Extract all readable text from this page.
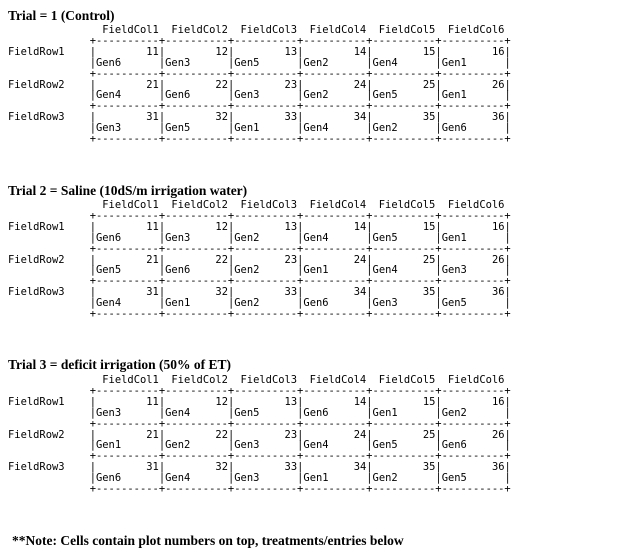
Trial = 1 (Control)
FieldCol1  FieldCol2  FieldCol3  FieldCol4  FieldCol5  FieldCol6
+----------+----------+----------+----------+----------+----------+
FieldRow1    |        11|        12|        13|        14|        15|        16|
|Gen6      |Gen3      |Gen5      |Gen2      |Gen4      |Gen1      |
+----------+----------+----------+----------+----------+----------+
FieldRow2    |        21|        22|        23|        24|        25|        26|
|Gen4      |Gen6      |Gen3      |Gen2      |Gen5      |Gen1      |
+----------+----------+----------+----------+----------+----------+
FieldRow3    |        31|        32|        33|        34|        35|        36|
|Gen3      |Gen5      |Gen1      |Gen4      |Gen2      |Gen6      |
+----------+----------+----------+----------+----------+----------+
Trial 2 = Saline (10dS/m irrigation water)
FieldCol1  FieldCol2  FieldCol3  FieldCol4  FieldCol5  FieldCol6
+----------+----------+----------+----------+----------+----------+
FieldRow1    |        11|        12|        13|        14|        15|        16|
|Gen6      |Gen3      |Gen2      |Gen4      |Gen5      |Gen1      |
+----------+----------+----------+----------+----------+----------+
FieldRow2    |        21|        22|        23|        24|        25|        26|
|Gen5      |Gen6      |Gen2      |Gen1      |Gen4      |Gen3      |
+----------+----------+----------+----------+----------+----------+
FieldRow3    |        31|        32|        33|        34|        35|        36|
|Gen4      |Gen1      |Gen2      |Gen6      |Gen3      |Gen5      |
+----------+----------+----------+----------+----------+----------+
Trial 3 = deficit irrigation (50% of ET)
FieldCol1  FieldCol2  FieldCol3  FieldCol4  FieldCol5  FieldCol6
+----------+----------+----------+----------+----------+----------+
FieldRow1    |        11|        12|        13|        14|        15|        16|
|Gen3      |Gen4      |Gen5      |Gen6      |Gen1      |Gen2      |
+----------+----------+----------+----------+----------+----------+
FieldRow2    |        21|        22|        23|        24|        25|        26|
|Gen1      |Gen2      |Gen3      |Gen4      |Gen5      |Gen6      |
+----------+----------+----------+----------+----------+----------+
FieldRow3    |        31|        32|        33|        34|        35|        36|
|Gen6      |Gen4      |Gen3      |Gen1      |Gen2      |Gen5      |
+----------+----------+----------+----------+----------+----------+
**Note: Cells contain plot numbers on top, treatments/entries below
